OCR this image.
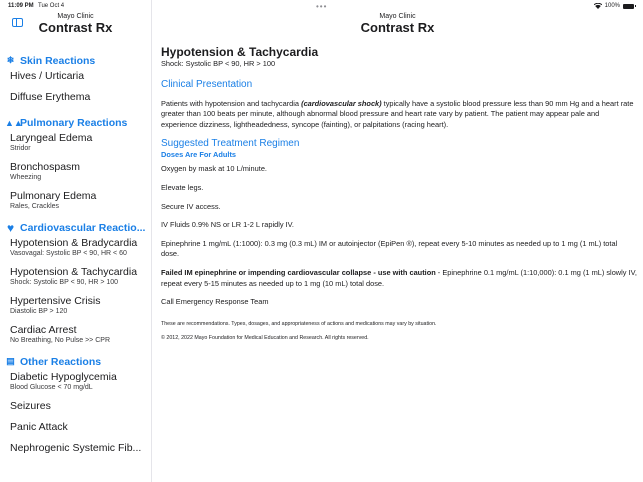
11:09 PM Tue Oct 4	•••	100%
Mayo Clinic
Contrast Rx
❄ Skin Reactions
Hives / Urticaria
Diffuse Erythema
▲▲
Pulmonary Reactions
Laryngeal Edema
Stridor
Bronchospasm
Wheezing
Pulmonary Edema
Rales, Crackles
♥ Cardiovascular Reactio...
Hypotension & Bradycardia
Vasovagal: Systolic BP < 90, HR < 60
Hypotension & Tachycardia
Shock: Systolic BP < 90, HR > 100
Hypertensive Crisis
Diastolic BP > 120
Cardiac Arrest
No Breathing, No Pulse >> CPR
▤ Other Reactions
Diabetic Hypoglycemia
Blood Glucose < 70 mg/dL
Seizures
Panic Attack
Nephrogenic Systemic Fib...
Mayo Clinic
Contrast Rx
Hypotension & Tachycardia
Shock: Systolic BP < 90, HR > 100
Clinical Presentation

Patients with hypotension and tachycardia (cardiovascular shock) typically have a systolic blood pressure less than 90 mm Hg and a heart rate greater than 100 beats per minute, although abnormal blood pressure and heart rate vary by patient. The patient may appear pale and experience dizziness, lightheadedness, syncope (fainting), or palpitations (racing heart).

Suggested Treatment Regimen
Doses Are For Adults

Oxygen by mask at 10 L/minute.

Elevate legs.

Secure IV access.

IV Fluids 0.9% NS or LR 1-2 L rapidly IV.

Epinephrine 1 mg/mL (1:1000): 0.3 mg (0.3 mL) IM or autoinjector (EpiPen ®), repeat every 5-10 minutes as needed up to 1 mg (1 mL) total dose.

Failed IM epinephrine or impending cardiovascular collapse - use with caution - Epinephrine 0.1 mg/mL (1:10,000): 0.1 mg (1 mL) slowly IV, repeat every 5-15 minutes as needed up to 1 mg (10 mL) total dose.

Call Emergency Response Team

These are recommendations. Types, dosages, and appropriateness of actions and medications may vary by situation.

© 2012, 2022 Mayo Foundation for Medical Education and Research. All rights reserved.
